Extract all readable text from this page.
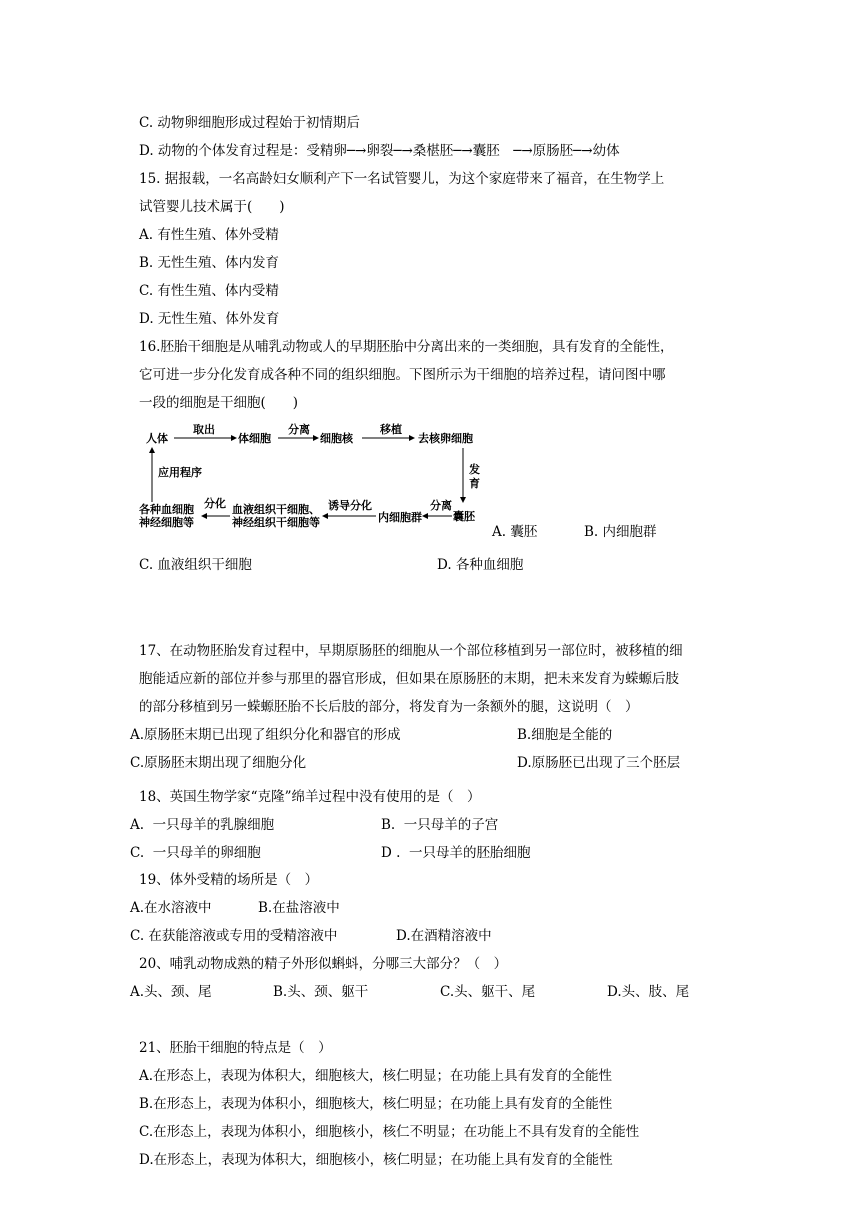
C. 动物卵细胞形成过程始于初情期后
D. 动物的个体发育过程是：受精卵─→卵裂─→桑椹胚─→囊胚　─→原肠胚─→幼体
15. 据报载，一名高龄妇女顺利产下一名试管婴儿，为这个家庭带来了福音，在生物学上
试管婴儿技术属于(　　)
A. 有性生殖、体外受精
B. 无性生殖、体内发育
C. 有性生殖、体内受精
D. 无性生殖、体外发育
16.胚胎干细胞是从哺乳动物或人的早期胚胎中分离出来的一类细胞，具有发育的全能性，
它可进一步分化发育成各种不同的组织细胞。下图所示为干细胞的培养过程，请问图中哪
一段的细胞是干细胞(　　)
17、在动物胚胎发育过程中，早期原肠胚的细胞从一个部位移植到另一部位时，被移植的细
胞能适应新的部位并参与那里的器官形成，但如果在原肠胚的末期，把未来发育为蝾螈后肢
的部分移植到另一蝾螈胚胎不长后肢的部分，将发育为一条额外的腿，这说明（　）
18、英国生物学家“克隆”绵羊过程中没有使用的是（　）
19、体外受精的场所是（　）
20、哺乳动物成熟的精子外形似蝌蚪，分哪三大部分？（　）
21、胚胎干细胞的特点是（　）
A.在形态上，表现为体积大，细胞核大，核仁明显；在功能上具有发育的全能性
B.在形态上，表现为体积小，细胞核大，核仁明显；在功能上具有发育的全能性
C.在形态上，表现为体积小，细胞核小，核仁不明显；在功能上不具有发育的全能性
D.在形态上，表现为体积大，细胞核小，核仁明显；在功能上具有发育的全能性
A. 囊胚	B. 内细胞群
C. 血液组织干细胞	D. 各种血细胞
A.原肠胚末期已出现了组织分化和器官的形成	B.细胞是全能的
C.原肠胚末期出现了细胞分化	D.原肠胚已出现了三个胚层
A.  一只母羊的乳腺细胞	B.  一只母羊的子宫
C.  一只母羊的卵细胞	D .  一只母羊的胚胎细胞
A.在水溶液中	B.在盐溶液中
C. 在获能溶液或专用的受精溶液中	D.在酒精溶液中
A.头、颈、尾	B.头、颈、躯干	C.头、躯干、尾	D.头、肢、尾
人体
取出
体细胞
分离
细胞核
移植
去核卵细胞
发
育
囊胚
分离
内细胞群
诱导分化
血液组织干细胞、
神经组织干细胞等
分化
各种血细胞
神经细胞等
应用程序
